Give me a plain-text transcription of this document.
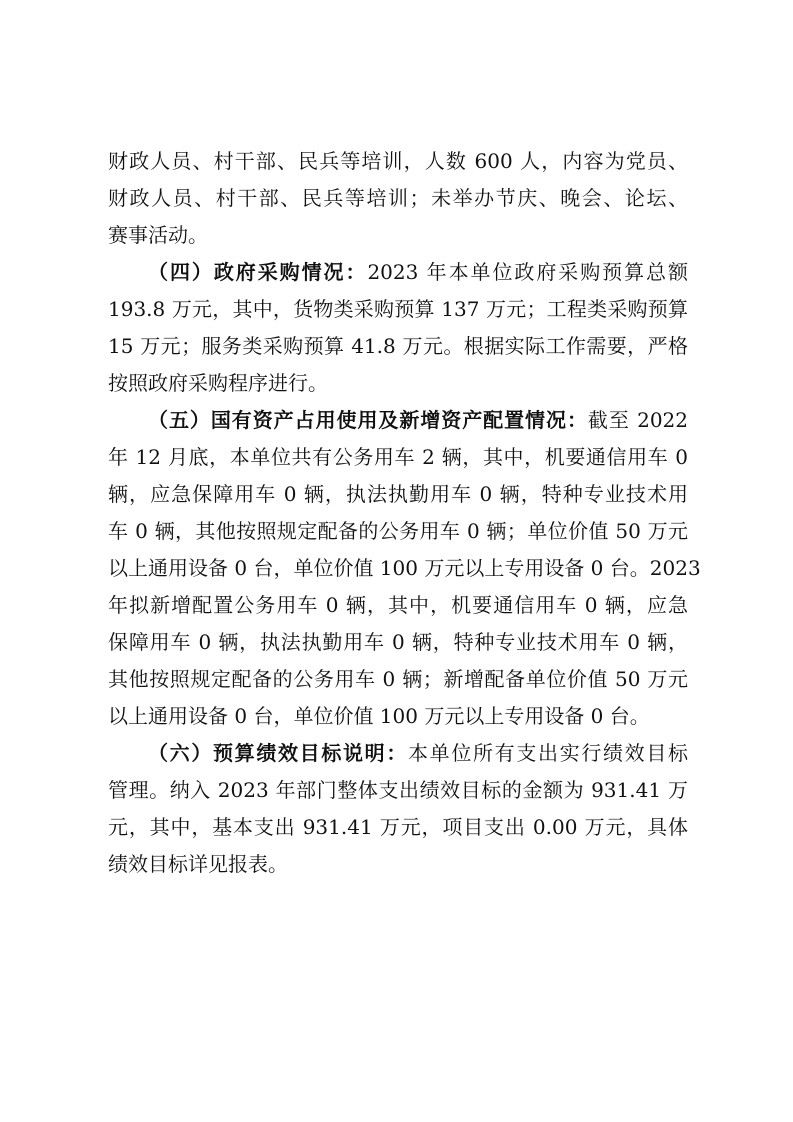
财政人员、村干部、民兵等培训，人数 600 人，内容为党员、
财政人员、村干部、民兵等培训；未举办节庆、晚会、论坛、
赛事活动。
（四）政府采购情况：2023 年本单位政府采购预算总额
193.8 万元，其中，货物类采购预算 137 万元；工程类采购预算
15 万元；服务类采购预算 41.8 万元。根据实际工作需要，严格
按照政府采购程序进行。
（五）国有资产占用使用及新增资产配置情况：截至 2022
年 12 月底，本单位共有公务用车 2 辆，其中，机要通信用车 0
辆，应急保障用车 0 辆，执法执勤用车 0 辆，特种专业技术用
车 0 辆，其他按照规定配备的公务用车 0 辆；单位价值 50 万元
以上通用设备 0 台，单位价值 100 万元以上专用设备 0 台。2023
年拟新增配置公务用车 0 辆，其中，机要通信用车 0 辆，应急
保障用车 0 辆，执法执勤用车 0 辆，特种专业技术用车 0 辆，
其他按照规定配备的公务用车 0 辆；新增配备单位价值 50 万元
以上通用设备 0 台，单位价值 100 万元以上专用设备 0 台。
（六）预算绩效目标说明：本单位所有支出实行绩效目标
管理。纳入 2023 年部门整体支出绩效目标的金额为 931.41 万
元，其中，基本支出 931.41 万元，项目支出 0.00 万元，具体
绩效目标详见报表。
